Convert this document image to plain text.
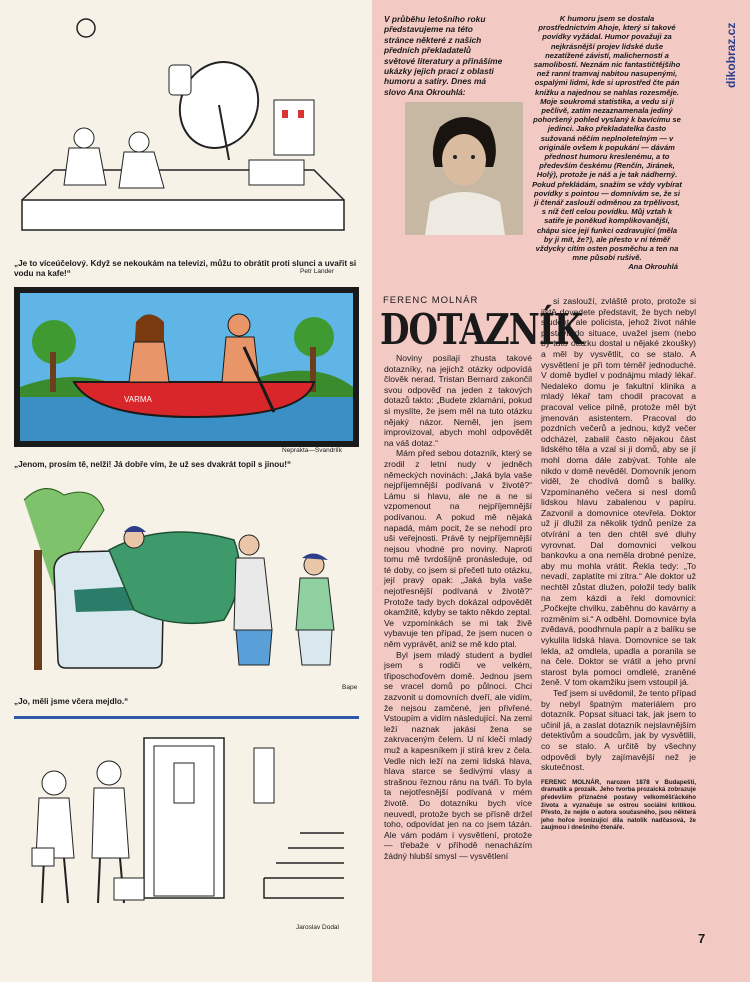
dikobraz.cz
Petr Lander
„Je to víceúčelový. Když se nekoukám na televizi, můžu to obrátit proti slunci a uvařit si vodu na kafe!“
VARMA
Neprakta—Švandrlík
„Jenom, prosím tě, nelži! Já dobře vím, že už ses dvakrát topil s jinou!“
Bape
„Jo, měli jsme včera mejdlo.“
Jaroslav Dodal
V průběhu letošního roku představujeme na této stránce některé z našich předních překladatelů světové literatury a přinášíme ukázky jejich prací z oblasti humoru a satiry. Dnes má slovo Ana Okrouhlá:
K humoru jsem se dostala prostřednictvím Ahoje, který si takové povídky vyžádal. Humor považuji za nejkrásnější projev lidské duše nezatížené závistí, malicherností a samolibostí. Neznám nic fantastičtějšího než ranní tramvaj nabitou nasupenými, ospalými lidmi, kde si uprostřed čte pán knížku a najednou se nahlas rozesměje. Moje soukromá statistika, a vedu si ji pečlivě, zatím nezaznamenala jediný pohoršený pohled vyslaný k bavícímu se jedinci. Jako překladatelka často sužovaná něčím neplnoletelným — v originále ovšem k popukání — dávám přednost humoru kreslenému, a to především českému (Renčín, Jiránek, Holý), protože je náš a je tak nádherný. Pokud překládám, snažím se vždy vybírat povídky s pointou — domnívám se, že si ji čtenář zaslouží odměnou za trpělivost, s níž četl celou povídku. Můj vztah k satiře je poněkud komplikovanější, chápu sice její funkci ozdravující (měla by ji mít, že?), ale přesto v ní téměř vždycky cítím osten posměchu a ten na mne působí rušivě.
Ana Okrouhlá
FERENC MOLNÁR
DOTAZNÍK

Noviny posílají zhusta takové dotazníky, na jejichž otázky odpovídá člověk nerad. Tristan Bernard zakončil svou odpověď na jeden z takových dotazů takto: „Budete zklamáni, pokud si myslíte, že jsem měl na tuto otázku nějaký názor. Neměl, jen jsem improvizoval, abych mohl odpovědět na váš dotaz.“

Mám před sebou dotazník, který se zrodil z letní nudy v jedněch německých novinách: „Jaká byla vaše nejpříjemnější podívaná v životě?“ Lámu si hlavu, ale ne a ne si vzpomenout na nejpříjemnější podívanou. A pokud mě nějaká napadá, mám pocit, že se nehodí pro uši veřejnosti. Právě ty nejpříjemnější nejsou vhodné pro noviny. Naproti tomu mě tvrdošíjně pronásleduje, od té doby, co jsem si přečetl tuto otázku, její pravý opak: „Jaká byla vaše nejotřesnější podívaná v životě?“ Protože tady bych dokázal odpovědět okamžitě, kdyby se takto někdo zeptal. Ve vzpomínkách se mi tak živě vybavuje ten případ, že jsem nucen o něm vyprávět, aniž se mě kdo ptal.

Byl jsem mladý student a bydlel jsem s rodiči ve velkém, třiposchoďovém domě. Jednou jsem se vracel domů po půlnoci. Chci zazvonit u domovních dveří, ale vidím, že nejsou zamčené, jen přivřené. Vstoupím a vidím následující. Na zemi leží naznak jakási žena se zakrvaceným čelem. U ní klečí mladý muž a kapesníkem jí stírá krev z čela. Vedle nich leží na zemi lidská hlava, hlava starce se šedivými vlasy a strašnou řeznou ránu na tváři. To byla ta nejotřesnější podívaná v mém životě. Do dotazníku bych více neuvedl, protože bych se přísně držel toho, odpovídat jen na co jsem tázán. Ale vám podám i vysvětlení, protože — třebaže v příhodě nenacházím žádný hlubší smysl — vysvětlení

si zaslouží, zvláště proto, protože si jistě dovedete představit, že bych nebyl student, ale policista, jehož život náhle postavil do situace, uvažel jsem (nebo by tuto otázku dostal u nějaké zkoušky) a měl by vysvětlit, co se stalo. A vysvětlení je při tom téměř jednoduché. V domě bydlel v podnájmu mladý lékař. Nedaleko domu je fakultní klinika a mladý lékař tam chodil pracovat a pracoval velice pilně, protože měl být jmenován asistentem. Pracoval do pozdních večerů a jednou, když večer odcházel, zabalil často nějakou část lidského těla a vzal si ji domů, aby se jí mohl doma dále zabývat. Tohle ale nikdo v domě nevěděl. Domovník jenom viděl, že chodívá domů s balíky. Vzpomínaného večera si nesl domů lidskou hlavu zabalenou v papíru. Zazvonil a domovnice otevřela. Doktor už jí dlužil za několik týdnů peníze za otvírání a ten den chtěl své dluhy vyrovnat. Dal domovnici velkou bankovku a ona neměla drobné peníze, aby mu mohla vrátit. Řekla tedy: „To nevadí, zaplatíte mi zítra.“ Ale doktor už nechtěl zůstat dlužen, položil tedy balík na zem kázdi a řekl domovnici: „Počkejte chvilku, zaběhnu do kavárny a rozměním si.“ A odběhl. Domovnice byla zvědavá, poodhrnula papír a z balíku se vykulila lidská hlava. Domovnice se tak lekla, až omdlela, upadla a poranila se na čele. Doktor se vrátil a jeho první starost byla pomoci omdlelé, zraněné ženě. V tom okamžiku jsem vstoupil já.

Teď jsem si uvědomil, že tento případ by nebyl špatným materiálem pro dotazník. Popsat situaci tak, jak jsem to učinil já, a zaslat dotazník nejslavnějším detektivům a soudcům, jak by vysvětlili, co se stalo. A určitě by všechny odpovědi byly zajímavější než je skutečnost.

FERENC MOLNÁR, narozen 1878 v Budapešti, dramatik a prozaik. Jeho tvorba prozaická zobrazuje především příznačné postavy velkoměšťáckého života a vyznačuje se ostrou sociální kritikou. Přesto, že nejde o autora současného, jsou některá jeho hořce ironizující díla natolik nadčasová, že zaujmou i dnešního čtenáře.

7
